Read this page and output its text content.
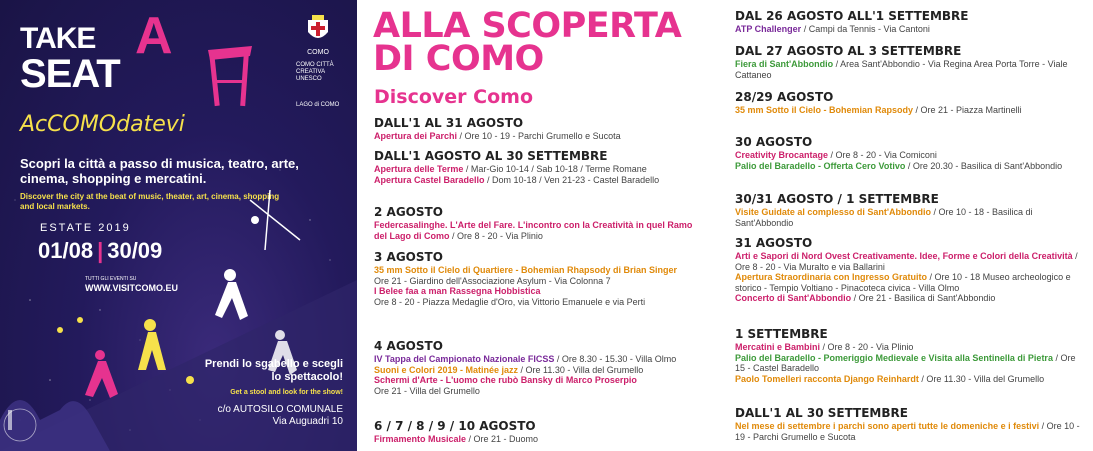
TAKE A
SEAT
AcCOMOdatevi
COMO
COMO CITTÀ CREATIVA UNESCO
LAGO di COMO
Scopri la città a passo di musica, teatro, arte, cinema, shopping e mercatini.
Discover the city at the beat of music, theater, art, cinema, shopping and local markets.
ESTATE 2019
01/08 | 30/09
TUTTI GLI EVENTI SU
WWW.VISITCOMO.EU
Prendi lo sgabello e scegli lo spettacolo!
Get a stool and look for the show!
c/o AUTOSILO COMUNALE
Via Auguadri 10
ALLA SCOPERTA
DI COMO
Discover Como
DALL'1 AL 31 AGOSTO
Apertura dei Parchi / Ore 10 - 19 - Parchi Grumello e Sucota
DALL'1 AGOSTO AL 30 SETTEMBRE
Apertura delle Terme / Mar-Gio 10-14 / Sab 10-18 / Terme Romane
Apertura Castel Baradello / Dom 10-18 / Ven 21-23 - Castel Baradello
2 AGOSTO
Federcasalinghe. L'Arte del Fare. L'incontro con la Creatività in quel Ramo del Lago di Como / Ore 8 - 20 - Via Plinio
3 AGOSTO
35 mm Sotto il Cielo di Quartiere - Bohemian Rhapsody di Brian Singer
Ore 21 - Giardino dell'Associazione Asylum - Via Colonna 7
I Belee faa a man Rassegna Hobbistica
Ore 8 - 20 - Piazza Medaglie d'Oro, via Vittorio Emanuele e via Perti
4 AGOSTO
IV Tappa del Campionato Nazionale FICSS / Ore 8.30 - 15.30 - Villa Olmo
Suoni e Colori 2019 - Matinée jazz / Ore 11.30 - Villa del Grumello
Schermi d'Arte - L'uomo che rubò Bansky di Marco Proserpio
Ore 21 - Villa del Grumello
6 / 7 / 8 / 9 / 10 AGOSTO
Firmamento Musicale / Ore 21 - Duomo
DAL 26 AGOSTO ALL'1 SETTEMBRE
ATP Challenger / Campi da Tennis - Via Cantoni
DAL 27 AGOSTO AL 3 SETTEMBRE
Fiera di Sant'Abbondio / Area Sant'Abbondio - Via Regina Area Porta Torre - Viale Cattaneo
28/29 AGOSTO
35 mm Sotto il Cielo - Bohemian Rapsody / Ore 21 - Piazza Martinelli
30 AGOSTO
Creativity Brocantage / Ore 8 - 20 - Via Comiconi
Palio del Baradello - Offerta Cero Votivo / Ore 20.30 - Basilica di Sant'Abbondio
30/31 AGOSTO / 1 SETTEMBRE
Visite Guidate al complesso di Sant'Abbondio / Ore 10 - 18 - Basilica di Sant'Abbondio
31 AGOSTO
Arti e Sapori di Nord Ovest Creativamente. Idee, Forme e Colori della Creatività / Ore 8 - 20 - Via Muralto e via Ballarini
Apertura Straordinaria con Ingresso Gratuito / Ore 10 - 18 Museo archeologico e storico - Tempio Voltiano - Pinacoteca civica - Villa Olmo
Concerto di Sant'Abbondio / Ore 21 - Basilica di Sant'Abbondio
1 SETTEMBRE
Mercatini e Bambini / Ore 8 - 20 - Via Plinio
Palio del Baradello - Pomeriggio Medievale e Visita alla Sentinella di Pietra / Ore 15 - Castel Baradello
Paolo Tomelleri racconta Django Reinhardt / Ore 11.30 - Villa del Grumello
DALL'1 AL 30 SETTEMBRE
Nel mese di settembre i parchi sono aperti tutte le domeniche e i festivi / Ore 10 - 19 - Parchi Grumello e Sucota
